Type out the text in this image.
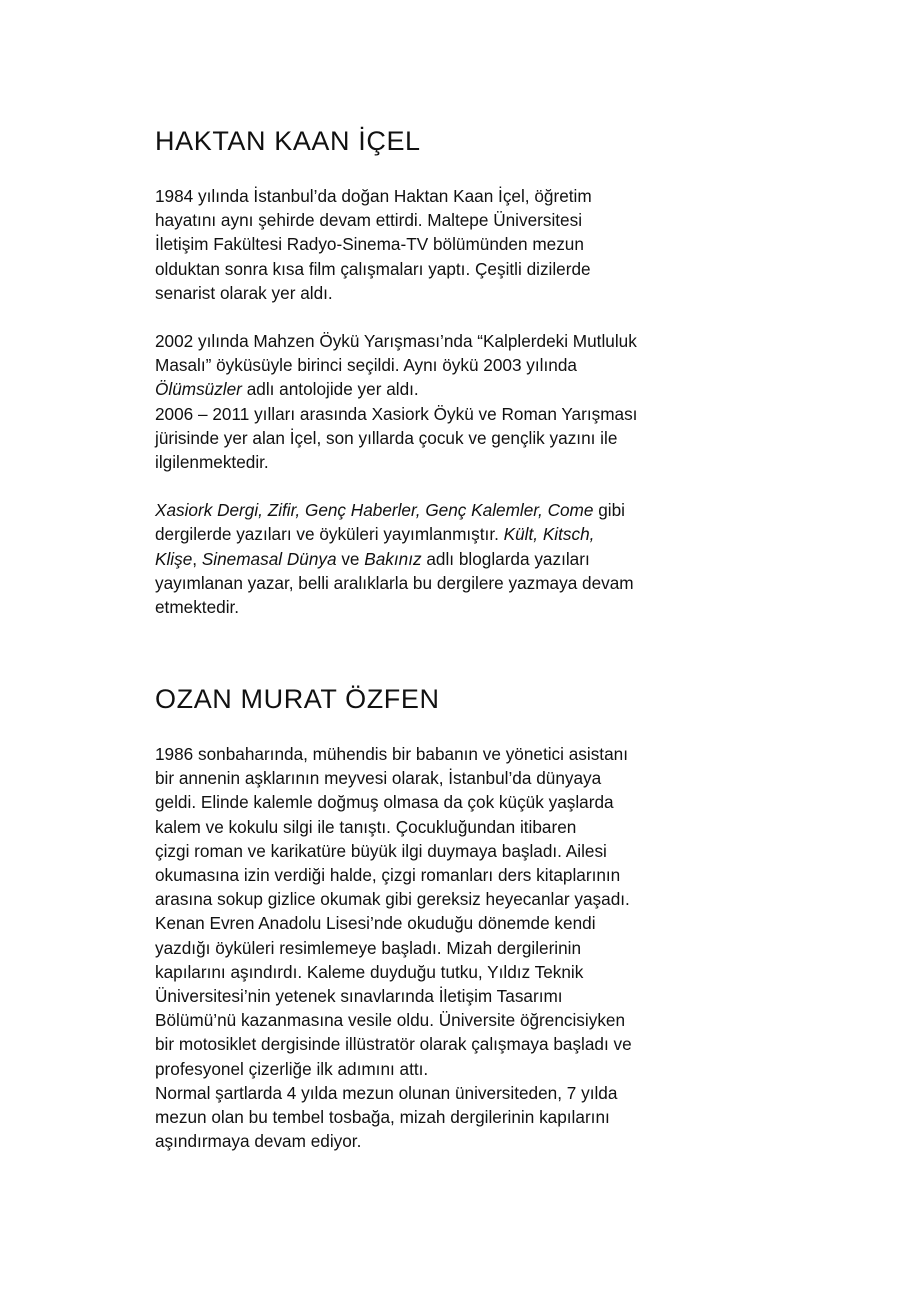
HAKTAN KAAN İÇEL

1984 yılında İstanbul’da doğan Haktan Kaan İçel, öğretim
hayatını aynı şehirde devam ettirdi. Maltepe Üniversitesi
İletişim Fakültesi Radyo-Sinema-TV bölümünden mezun
olduktan sonra kısa film çalışmaları yaptı. Çeşitli dizilerde
senarist olarak yer aldı.

2002 yılında Mahzen Öykü Yarışması’nda “Kalplerdeki Mutluluk
Masalı” öyküsüyle birinci seçildi. Aynı öykü 2003 yılında
Ölümsüzler adlı antolojide yer aldı.

2006 – 2011 yılları arasında Xasiork Öykü ve Roman Yarışması
jürisinde yer alan İçel, son yıllarda çocuk ve gençlik yazını ile
ilgilenmektedir.

Xasiork Dergi, Zifir, Genç Haberler, Genç Kalemler, Come gibi
dergilerde yazıları ve öyküleri yayımlanmıştır. Kült, Kitsch,
Klişe, Sinemasal Dünya ve Bakınız adlı bloglarda yazıları
yayımlanan yazar, belli aralıklarla bu dergilere yazmaya devam
etmektedir.

OZAN MURAT ÖZFEN

1986 sonbaharında, mühendis bir babanın ve yönetici asistanı
bir annenin aşklarının meyvesi olarak, İstanbul’da dünyaya
geldi. Elinde kalemle doğmuş olmasa da çok küçük yaşlarda
kalem ve kokulu silgi ile tanıştı. Çocukluğundan itibaren
çizgi roman ve karikatüre büyük ilgi duymaya başladı. Ailesi
okumasına izin verdiği halde, çizgi romanları ders kitaplarının
arasına sokup gizlice okumak gibi gereksiz heyecanlar yaşadı.
Kenan Evren Anadolu Lisesi’nde okuduğu dönemde kendi
yazdığı öyküleri resimlemeye başladı. Mizah dergilerinin
kapılarını aşındırdı. Kaleme duyduğu tutku, Yıldız Teknik
Üniversitesi’nin yetenek sınavlarında İletişim Tasarımı
Bölümü’nü kazanmasına vesile oldu. Üniversite öğrencisiyken
bir motosiklet dergisinde illüstratör olarak çalışmaya başladı ve
profesyonel çizerliğe ilk adımını attı.

Normal şartlarda 4 yılda mezun olunan üniversiteden, 7 yılda
mezun olan bu tembel tosbağa, mizah dergilerinin kapılarını
aşındırmaya devam ediyor.
